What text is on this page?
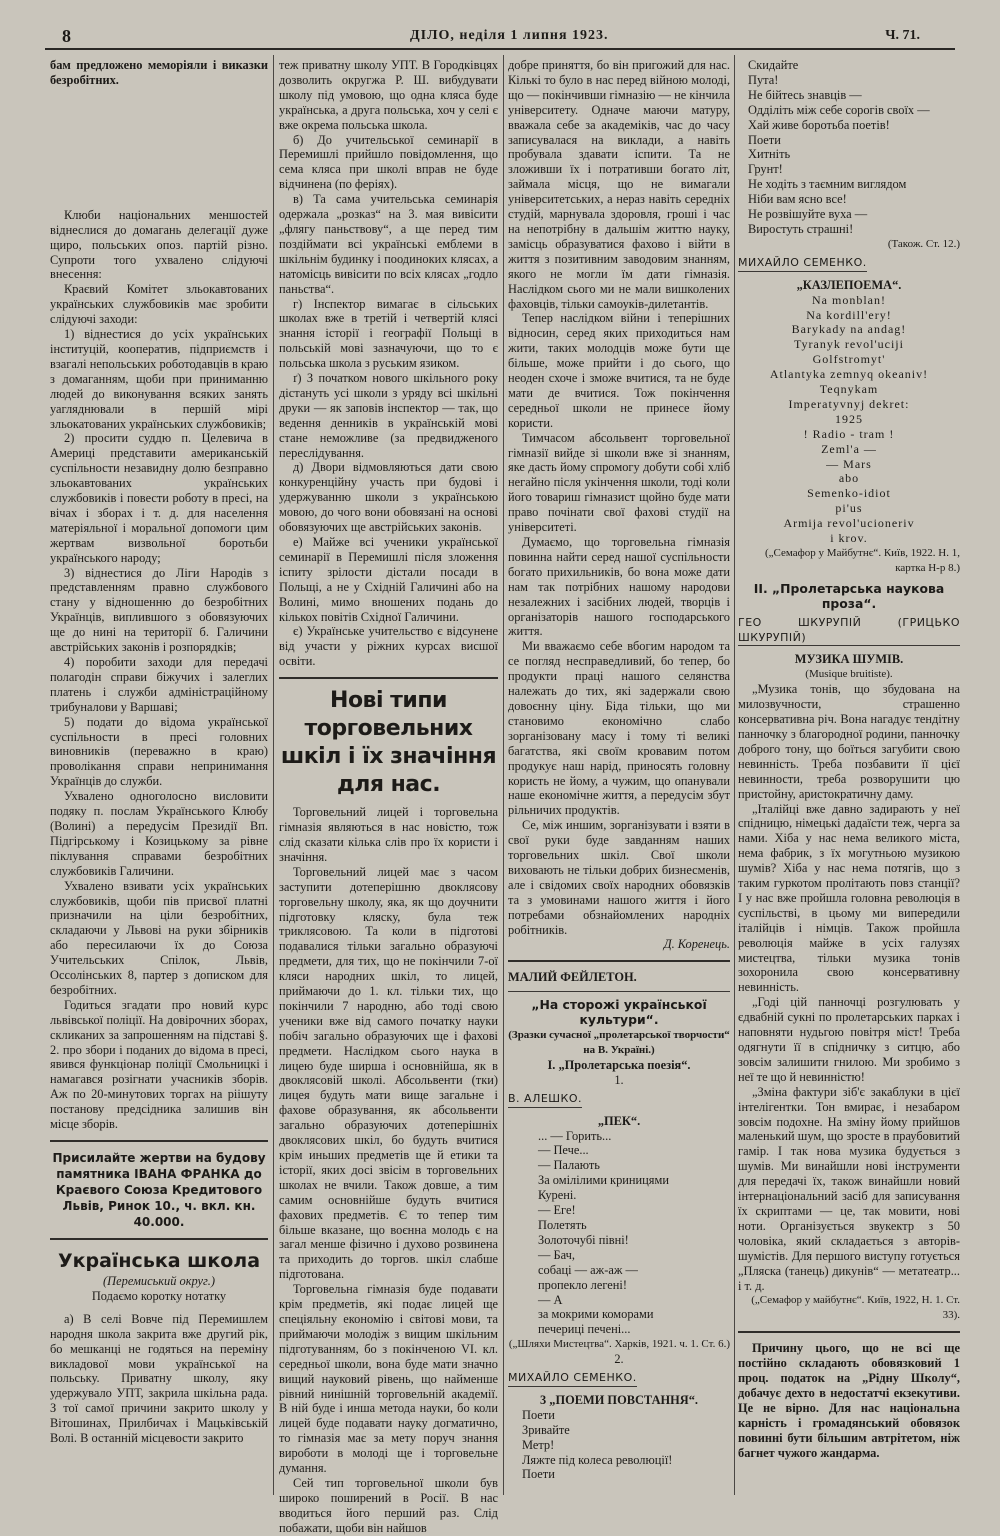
8	ДІЛО, неділя 1 липня 1923.	Ч. 71.

бам предложено меморіяли і виказки безробітних.

Клюби національних меншостей віднеслися до домагань делегації дуже щиро, польських опоз. партій різно. Супроти того ухвалено слідуючі внесення:

Краєвий Комітет зльокавтованих українських службовиків має зробити слідуючі заходи:

1) віднестися до усіх українських інституцій, кооператив, підприємств і взагалі непольських роботодавців в краю з домаганням, щоби при приниманню людей до виконування всяких занять уагляднювали в першій мірі зльокатованих українських службовиків;

2) просити суддю п. Целевича в Америці представити американській суспільности незавидну долю безправно зльокавтованих українських службовиків і повести роботу в пресі, на вічах і зборах і т. д. для населення матеріяльної і моральної допомоги цим жертвам визвольної боротьби українського народу;

3) віднестися до Ліги Народів з представленням правно службового стану у відношенню до безробітних Українців, виплившого з обовязуючих ще до нині на території б. Галичини австрійських законів і розпорядків;

4) поробити заходи для передачі полагодін справи біжучих і залеглих платень і служби адміністраційному трибуналови у Варшаві;

5) подати до відома української суспільности в пресі головних виновників (переважно в краю) проволікання справи непринимання Українців до служби.

Ухвалено одноголосно висловити подяку п. послам Українського Клюбу (Волині) а передусім Президії Вп. Підгірському і Козицькому за рівне піклування справами безробітних службовиків Галичини.

Ухвалено взивати усіх українських службовиків, щоби пів присвої платні призначили на ціли безробітних, складаючи у Львові на руки збірників або пересилаючи їх до Союза Учительських Спілок, Львів, Оссолінських 8, партер з дописком для безробітних.

Годиться згадати про новий курс львівської поліції. На довірочних зборах, скликаних за запрошенням на підставі §. 2. про збори і поданих до відома в пресі, явився функціонар поліції Смольницкі і намагався розігнати учасників зборів. Аж по 20-минутових торгах на ріішуту постанову предсідника залишив він місце зборів.

Присилайте жертви на будову памятника ІВАНА ФРАНКА до Краєвого Союза Кредитового Львів, Ринок 10., ч. вкл. кн. 40.000.

Українська школа

(Перемиський округ.)

Подаємо коротку нотатку

а) В селі Вовче під Перемишлем народня школа закрита вже другий рік, бо мешканці не годяться на переміну викладової мови української на польську. Приватну школу, яку удержувало УПТ, закрила шкільна рада. З тої самої причини закрито школу у Вітошинах, Прилбичах і Мацьківській Волі. В останній місцевости закрито

теж приватну школу УПТ. В Городківцях дозволить округжа Р. Ш. вибудувати школу під умовою, що одна кляса буде українська, а друга польська, хоч у селі є вже окрема польська школа.

б) До учительської семинарії в Перемишлі прийшло повідомлення, що сема кляса при школі вправ не буде відчинена (по феріях).

в) Та сама учительська семинарія одержала „розказ“ на 3. мая вивісити „флягу паньствову“, а ще перед тим поздіймати всі українські емблеми в шкільнім будинку і поодиноких клясах, а натомісць вивісити по всіх клясах „годло паньства“.

г) Інспектор вимагає в сільських школах вже в третій і четвертій клясі знання історії і географії Польщі в польській мові зазначуючи, що то є польська школа з руським язиком.

ґ) З початком нового шкільного року дістануть усі школи з уряду всі шкільні друки — як заповів інспектор — так, що ведення денників в українській мові стане неможливе (за предвидженого переслідування.

д) Двори відмовляються дати свою конкуренційну участь при будові і удержуванню школи з українською мовою, до чого вони обовязані на основі обовязуючих ще австрійських законів.

е) Майже всі ученики української семинарії в Перемишлі після зложення іспиту зрілости дістали посади в Польщі, а не у Східній Галичині або на Волині, мимо вношених подань до кількох повітів Східної Галичини.

є) Українське учительство є відсунене від участи у ріжних курсах висшої освіти.

Нові типи торговельних шкіл і їх значіння для нас.

Торговельний лицей і торговельна гімназія являються в нас новістю, тож слід сказати кілька слів про їх користи і значіння.

Торговельний лицей має з часом заступити дотеперішню двоклясову торговельну школу, яка, як що доучнити підготовку кляску, була теж триклясовою. Та коли в підготові подавалися тільки загально образуючі предмети, для тих, що не покінчили 7-ої кляси народних шкіл, то лицей, приймаючи до 1. кл. тільки тих, що покінчили 7 народню, або тоді свою ученики вже від самого початку науки побіч загально образуючих ще і фахові предмети. Наслідком сього наука в лицею буде ширша і основнійша, як в двоклясовій школі. Абсольвенти (тки) лицея будуть мати вище загальне і фахове образування, як абсольвенти загально образуючих дотеперішніх двоклясових шкіл, бо будуть вчитися крім иньших предметів ще й етики та історії, яких досі звісім в торговельних школах не вчили. Також довше, а тим самим основнійше будуть вчитися фахових предметів. Є то тепер тим більше вказане, що воєнна молодь є на загал менше фізично і духово розвинена та приходить до торгов. шкіл слабше підготована.

Торговельна гімназія буде подавати крім предметів, які подає лицей ще спеціяльну економію і світові мови, та приймаючи молодіж з вищим шкільним підготуванням, бо з покінченою VI. кл. середньої школи, вона буде мати значно вищий науковий рівень, що найменше рівний нинішній торговельній академії. В ній буде і инша метода науки, бо коли лицей буде подавати науку догматично, то гімназія має за мету поруч знання вироботи в молоді ще і торговельне думання.

Сей тип торговельної школи був широко поширений в Росії. В нас вводиться його перший раз. Слід побажати, щоби він найшов

добре приняття, бо він пригожий для нас. Кількі то було в нас перед війною молоді, що — покінчивши гімназію — не кінчила університету. Одначе маючи матуру, вважала себе за академіків, час до часу записувалася на виклади, а навіть пробувала здавати іспити. Та не зложивши їх і потративши богато літ, займала місця, що не вимагали університетських, а нераз навіть середніх студій, марнувала здоровля, гроші і час на непотрібну в дальшім життю науку, замісць образуватися фахово і війти в життя з позитивним заводовим знанням, якого не могли їм дати гімназія. Наслідком сього ми не мали вишколених фаховців, тільки самоуків-дилетантів.

Тепер наслідком війни і теперішних відносин, серед яких приходиться нам жити, таких молодців може бути ще більше, може прийти і до сього, що неоден схоче і зможе вчитися, та не буде мати де вчитися. Тож покінчення середньої школи не принесе йому користи.

Тимчасом абсольвент торговельної гімназії вийде зі школи вже зі знанням, яке дасть йому спромогу добути собі хліб негайно після укінчення школи, тоді коли його товариш гімназист щойно буде мати право почінати свої фахові студії на університеті.

Думаємо, що торговельна гімназія повинна найти серед нашої суспільности богато прихильників, бо вона може дати нам так потрібних нашому народови незалежних і засібних людей, творців і організаторів нашого господарського життя.

Ми вважаємо себе вбогим народом та се погляд несправедливий, бо тепер, бо продукти праці нашого селянства належать до тих, які задержали свою довоєнну ціну. Біда тільки, що ми становимо економічно слабо зорганізовану масу і тому ті великі багатства, які своїм кровавим потом продукує наш нарід, приносять головну користь не йому, а чужим, що опанували наше економічне життя, а передусім збут рільничих продуктів.

Се, між иншим, зорганізувати і взяти в свої руки буде завданням наших торговельних шкіл. Свої школи виховають не тільки добрих бизнесменів, але і свідомих своїх народних обовязків та з умовинами нашого життя і його потребами обзнайомлених народніх робітників.

Д. Коренець.

МАЛИЙ ФЕЙЛЕТОН.

„На сторожі української культури“.

(Зразки сучасної „пролетарської творчости“ на В. Україні.)

І. „Пролетарська поезія“.

1.

В. АЛЕШКО.

„ПЕК“.

... — Горить...
— Пече...
— Палають
За омілілими криницями
Курені.
— Еге!
Полетять
Золоточубі півні!
— Бач,
собаці — аж-аж —
пропекло легені!
— А
за мокрими коморами
печериці печені...

(„Шляхи Мистецтва“. Харків, 1921. ч. 1. Ст. 6.)

2.

МИХАЙЛО СЕМЕНКО.

3 „ПОЕМИ ПОВСТАННЯ“.

Поети
Зривайте
Метр!
Ляжте під колеса революції!
Поети

Скидайте
Пута!
Не бійтесь знавців —
Одділіть між себе сорогів своїх —
Хай живе боротьба поетів!
Поети
Хитніть
Грунт!
Не ходіть з таємним виглядом
Ніби вам ясно все!
Не розвішуйте вуха —
Виростуть страшні!

(Також. Ст. 12.)

МИХАЙЛО СЕМЕНКО.

„КАЗЛЕПОЕМА“.

Na monblan!
Na kordill'ery!
Barykady na andag!
Tyranyk revol'uciji
Golfstromyt'
Atlantyka zemnyq okeaniv!
Teqnykam
Imperatyvnyj dekret:
1925
! Radio - tram !
Zeml'a —
— Mars
abo
Semenko-idiot
pi'us
Armija revol'ucioneriv
i krov.

(„Семафор у Майбутнє“. Київ, 1922. Н. 1, картка Н-р 8.)

II. „Пролетарська наукова проза“.

ГЕО ШКУРУПІЙ (ГРИЦЬКО ШКУРУПІЙ)

МУЗИКА ШУМІВ.

(Musique bruitiste).

„Музика тонів, що збудована на милозвучности, страшенно консервативна річ. Вона нагадує тендітну панночку з благородної родини, панночку доброго тону, що боїться загубити свою невинність. Треба позбавити її цієї невинности, треба розворушити цю пристойну, аристократичну даму.

„Італійці вже давно задирають у неї спідницю, німецькі дадаїсти теж, черга за нами. Хіба у нас нема великого міста, нема фабрик, з їх могутньою музикою шумів? Хіба у нас нема потягів, що з таким гуркотом пролітають повз станції? І у нас вже пройшла головна революція в суспільстві, в цьому ми випередили італійців і німців. Також пройшла революція майже в усіх галузях мистецтва, тільки музика тонів зохоронила свою консервативну невинність.

„Годі цій панночці розгулювать у єдвабній сукні по пролетарських парках і наповняти нудьгою повітря міст! Треба одягнути її в спідничку з ситцю, або зовсім залишити гнилою. Ми зробимо з неї те що й невинністю!

„Зміна фактури зіб'є закаблуки в цієї інтелігентки. Тон вмирає, і незабаром зовсім подохне. На зміну йому прийшов маленький шум, що зросте в праубовитий гамір. І так нова музика будується з шумів. Ми винайшли нові інструменти для передачі їх, також винайшли новий інтернаціональний засіб для записування їх скриптами — це, так мовити, нові ноти. Організується звукектр з 50 чоловіка, який складається з авторів-шумістів. Для першого виступу готується „Пляска (танець) дикунів“ — метатеатр... і т. д.

(„Семафор у майбутнє“. Київ, 1922, Н. 1. Ст. 33).

Причину цього, що не всі ще постійно складають обовязковий 1 проц. податок на „Рідну Школу“, добачує дехто в недостатчі екзекутиви. Це не вірно. Для нас національна карність і громадянський обовязок повинні бути більшим автрітетом, ніж багнет чужого жандарма.
